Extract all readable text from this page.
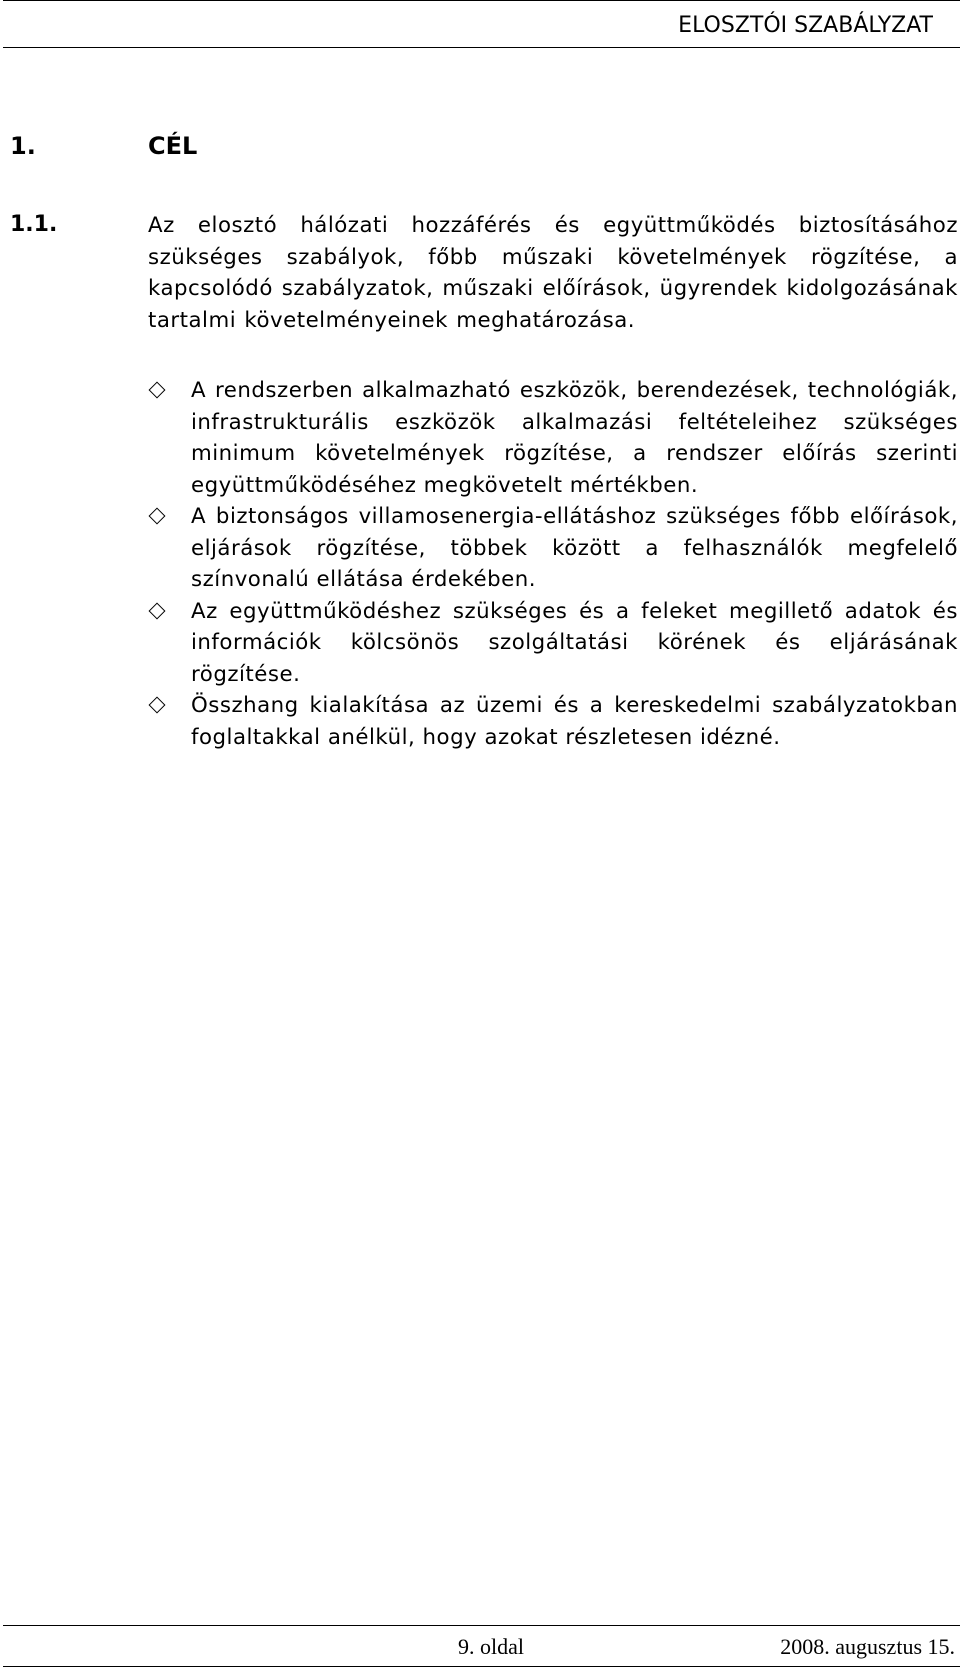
ELOSZTÓI SZABÁLYZAT
1.	CÉL
1.1.	Az elosztó hálózati hozzáférés és együttműködés biztosításához szükséges szabályok, főbb műszaki követelmények rögzítése, a kapcsolódó szabályzatok, műszaki előírások, ügyrendek kidolgozásának tartalmi követelményeinek meghatározása.
A rendszerben alkalmazható eszközök, berendezések, technológiák, infrastrukturális eszközök alkalmazási feltételeihez szükséges minimum követelmények rögzítése, a rendszer előírás szerinti együttműködéséhez megkövetelt mértékben.
A biztonságos villamosenergia-ellátáshoz szükséges főbb előírások, eljárások rögzítése, többek között a felhasználók megfelelő színvonalú ellátása érdekében.
Az együttműködéshez szükséges és a feleket megillető adatok és információk kölcsönös szolgáltatási körének és eljárásának rögzítése.
Összhang kialakítása az üzemi és a kereskedelmi szabályzatokban foglaltakkal anélkül, hogy azokat részletesen idézné.
9. oldal	2008. augusztus 15.
